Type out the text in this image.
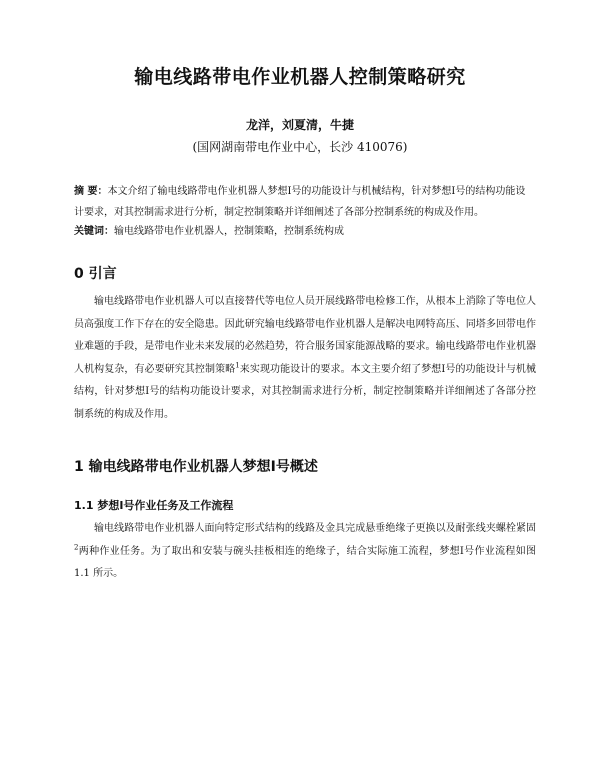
输电线路带电作业机器人控制策略研究
龙洋，刘夏清，牛捷
(国网湖南带电作业中心，长沙 410076)
摘 要：本文介绍了输电线路带电作业机器人梦想Ⅰ号的功能设计与机械结构，针对梦想Ⅰ号的结构功能设计要求，对其控制需求进行分析，制定控制策略并详细阐述了各部分控制系统的构成及作用。
关键词：输电线路带电作业机器人，控制策略，控制系统构成
0 引言
输电线路带电作业机器人可以直接替代等电位人员开展线路带电检修工作，从根本上消除了等电位人员高强度工作下存在的安全隐患。因此研究输电线路带电作业机器人是解决电网特高压、同塔多回带电作业难题的手段，是带电作业未来发展的必然趋势，符合服务国家能源战略的要求。输电线路带电作业机器人机构复杂，有必要研究其控制策略$^1$来实现功能设计的要求。本文主要介绍了梦想Ⅰ号的功能设计与机械结构，针对梦想Ⅰ号的结构功能设计要求，对其控制需求进行分析，制定控制策略并详细阐述了各部分控制系统的构成及作用。
1 输电线路带电作业机器人梦想Ⅰ号概述
1.1 梦想Ⅰ号作业任务及工作流程
输电线路带电作业机器人面向特定形式结构的线路及金具完成悬垂绝缘子更换以及耐张线夹螺栓紧固$^2$两种作业任务。为了取出和安装与碗头挂板相连的绝缘子，结合实际施工流程，梦想Ⅰ号作业流程如图 1.1 所示。
